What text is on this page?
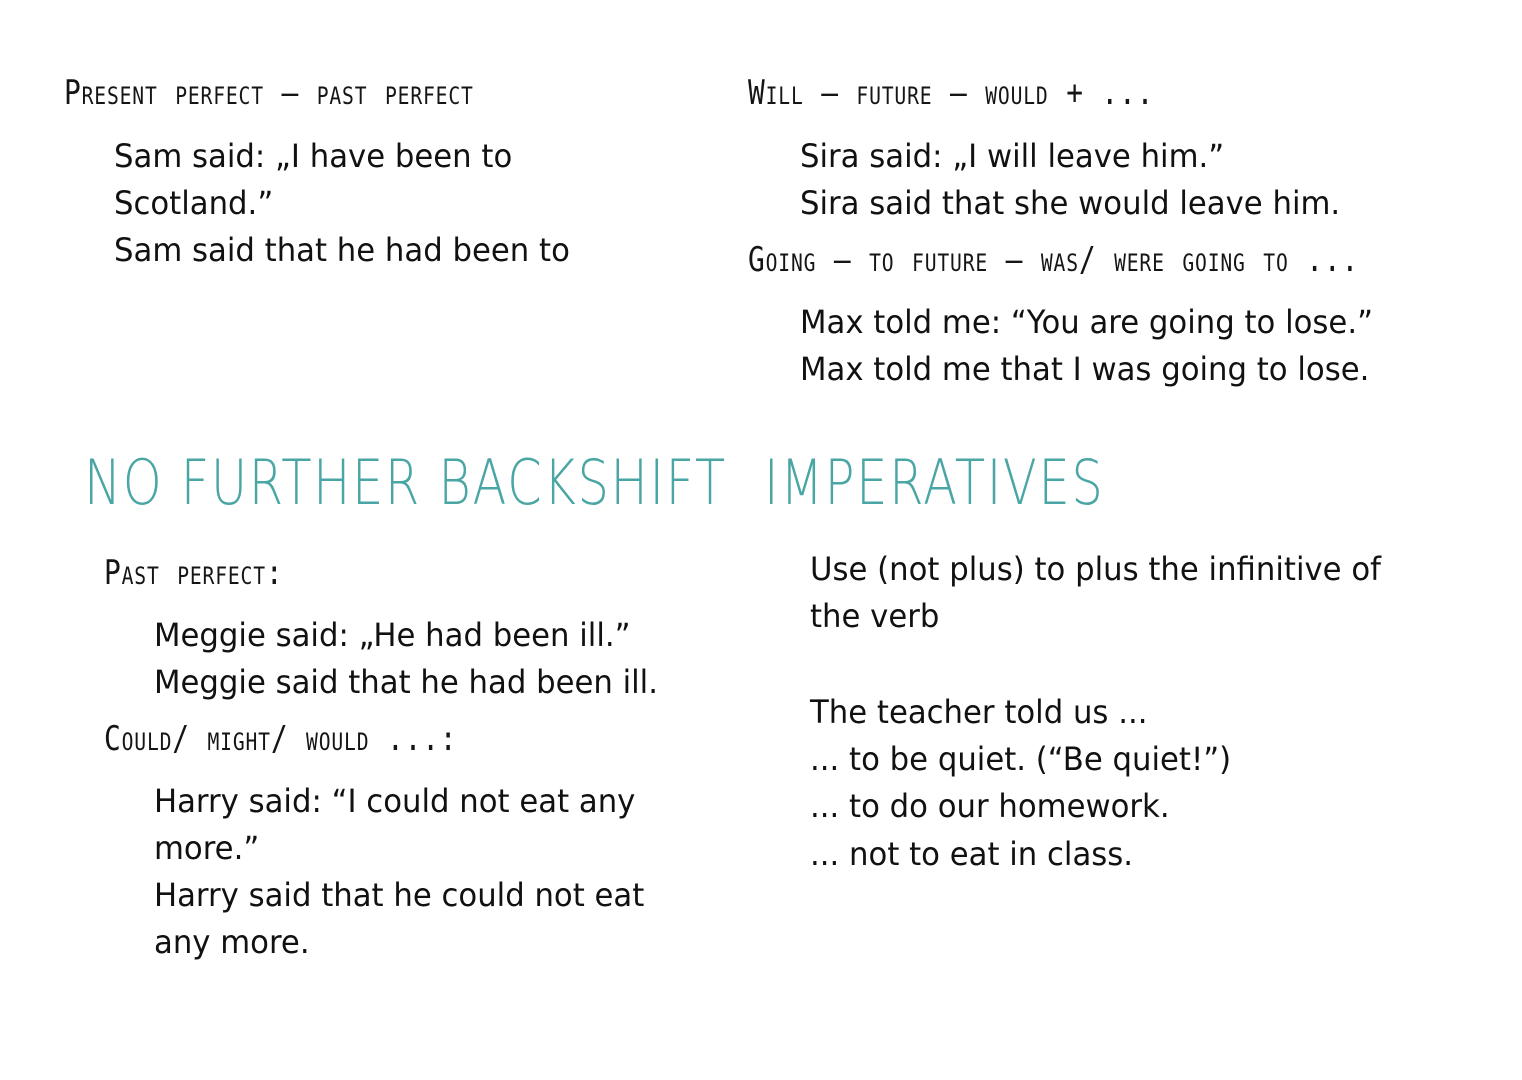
Present perfect – past perfect
Sam said: „I have been to
Scotland.”
Sam said that he had been to
Will – future – would + ...
Sira said: „I will leave him.”
Sira said that she would leave him.
Going – to future – was/ were going to ...
Max told me: “You are going to lose.”
Max told me that I was going to lose.
NO FURTHER BACKSHIFT
Past perfect:
Meggie said: „He had been ill.”
Meggie said that he had been ill.
Could/ might/ would ...:
Harry said: “I could not eat any
more.”
Harry said that he could not eat
any more.
IMPERATIVES
Use (not plus) to plus the infinitive of
the verb
The teacher told us ...
... to be quiet. (“Be quiet!”)
... to do our homework.
... not to eat in class.
